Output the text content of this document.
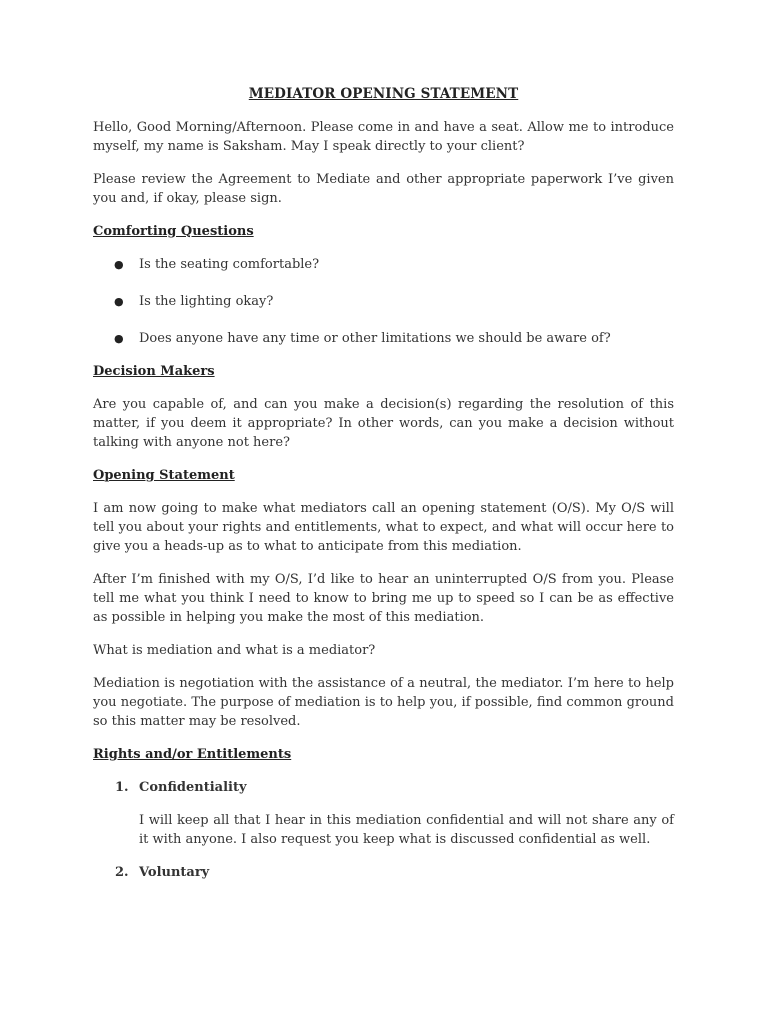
MEDIATOR OPENING STATEMENT

Hello, Good Morning/Afternoon. Please come in and have a seat. Allow me to introduce myself, my name is Saksham. May I speak directly to your client?

Please review the Agreement to Mediate and other appropriate paperwork I’ve given you and, if okay, please sign.

Comforting Questions
● Is the seating comfortable?
● Is the lighting okay?
● Does anyone have any time or other limitations we should be aware of?
Decision Makers

Are you capable of, and can you make a decision(s) regarding the resolution of this matter, if you deem it appropriate? In other words, can you make a decision without talking with anyone not here?

Opening Statement

I am now going to make what mediators call an opening statement (O/S). My O/S will tell you about your rights and entitlements, what to expect, and what will occur here to give you a heads-up as to what to anticipate from this mediation.

After I’m finished with my O/S, I’d like to hear an uninterrupted O/S from you. Please tell me what you think I need to know to bring me up to speed so I can be as effective as possible in helping you make the most of this mediation.

What is mediation and what is a mediator?

Mediation is negotiation with the assistance of a neutral, the mediator. I’m here to help you negotiate. The purpose of mediation is to help you, if possible, find common ground so this matter may be resolved.

Rights and/or Entitlements
1. Confidentiality

I will keep all that I hear in this mediation confidential and will not share any of it with anyone. I also request you keep what is discussed confidential as well.

2. Voluntary
